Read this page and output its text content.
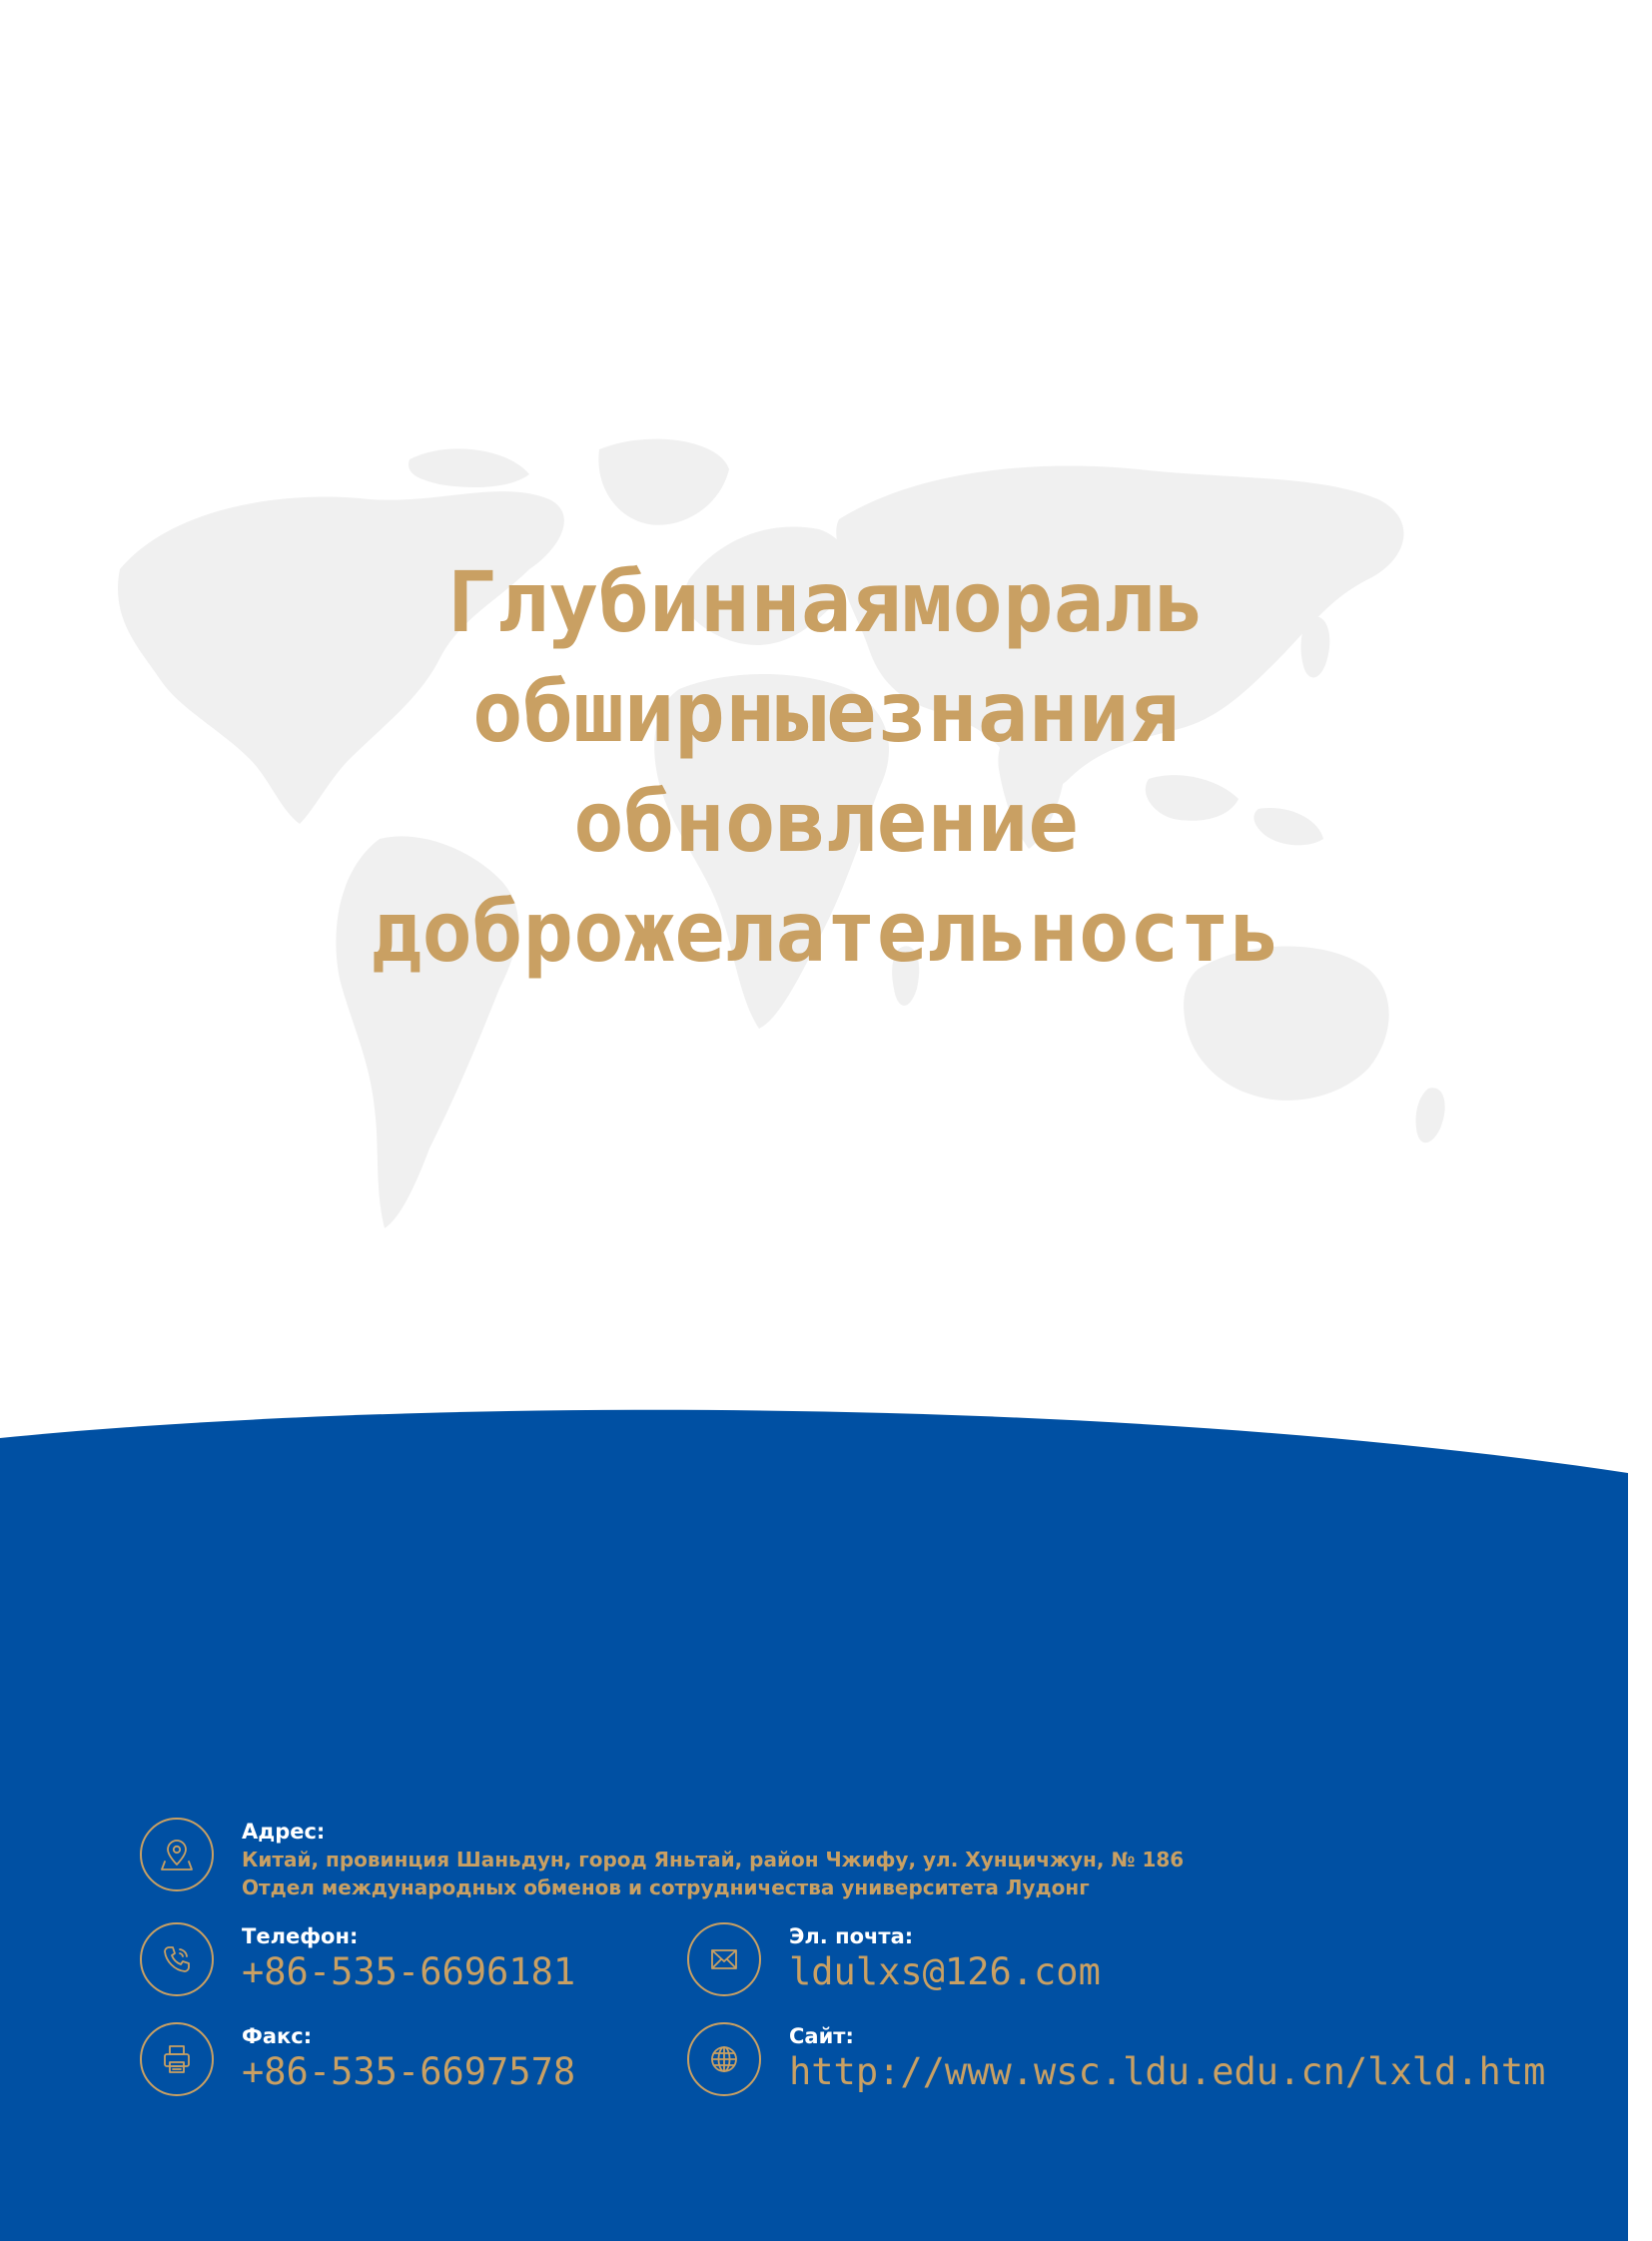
Глубиннаямораль
обширныезнания
обновление
доброжелательность
Адрес:
Китай, провинция Шаньдун, город Яньтай, район Чжифу, ул. Хунцичжун, № 186
Отдел международных обменов и сотрудничества университета Лудонг
Телефон:
+86-535-6696181
Эл. почта:
ldulxs@126.com
Факс:
+86-535-6697578
Сайт:
http://www.wsc.ldu.edu.cn/lxld.htm
